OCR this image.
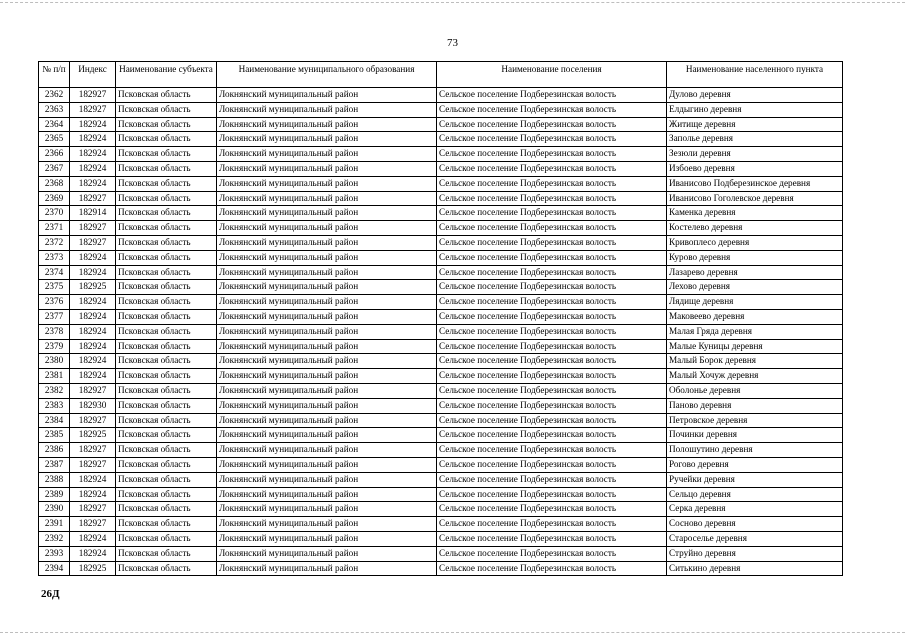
73
№ п/п	Индекс	Наименование субъекта	Наименование муниципального образования	Наименование поселения	Наименование населенного пункта
2362	182927	Псковская область	Локнянский муниципальный район	Сельское поселение Подберезинская волость	Дулово деревня
2363	182927	Псковская область	Локнянский муниципальный район	Сельское поселение Подберезинская волость	Елдыгино деревня
2364	182924	Псковская область	Локнянский муниципальный район	Сельское поселение Подберезинская волость	Житище деревня
2365	182924	Псковская область	Локнянский муниципальный район	Сельское поселение Подберезинская волость	Заполье деревня
2366	182924	Псковская область	Локнянский муниципальный район	Сельское поселение Подберезинская волость	Зезюли деревня
2367	182924	Псковская область	Локнянский муниципальный район	Сельское поселение Подберезинская волость	Избоево деревня
2368	182924	Псковская область	Локнянский муниципальный район	Сельское поселение Подберезинская волость	Иванисово Подберезинское деревня
2369	182927	Псковская область	Локнянский муниципальный район	Сельское поселение Подберезинская волость	Иванисово Гоголевское деревня
2370	182914	Псковская область	Локнянский муниципальный район	Сельское поселение Подберезинская волость	Каменка деревня
2371	182927	Псковская область	Локнянский муниципальный район	Сельское поселение Подберезинская волость	Костелево деревня
2372	182927	Псковская область	Локнянский муниципальный район	Сельское поселение Подберезинская волость	Кривоплесо деревня
2373	182924	Псковская область	Локнянский муниципальный район	Сельское поселение Подберезинская волость	Курово деревня
2374	182924	Псковская область	Локнянский муниципальный район	Сельское поселение Подберезинская волость	Лазарево деревня
2375	182925	Псковская область	Локнянский муниципальный район	Сельское поселение Подберезинская волость	Лехово деревня
2376	182924	Псковская область	Локнянский муниципальный район	Сельское поселение Подберезинская волость	Лядище деревня
2377	182924	Псковская область	Локнянский муниципальный район	Сельское поселение Подберезинская волость	Маковеево деревня
2378	182924	Псковская область	Локнянский муниципальный район	Сельское поселение Подберезинская волость	Малая Гряда деревня
2379	182924	Псковская область	Локнянский муниципальный район	Сельское поселение Подберезинская волость	Малые Куницы деревня
2380	182924	Псковская область	Локнянский муниципальный район	Сельское поселение Подберезинская волость	Малый Борок деревня
2381	182924	Псковская область	Локнянский муниципальный район	Сельское поселение Подберезинская волость	Малый Хочуж деревня
2382	182927	Псковская область	Локнянский муниципальный район	Сельское поселение Подберезинская волость	Оболонье деревня
2383	182930	Псковская область	Локнянский муниципальный район	Сельское поселение Подберезинская волость	Паново деревня
2384	182927	Псковская область	Локнянский муниципальный район	Сельское поселение Подберезинская волость	Петровское деревня
2385	182925	Псковская область	Локнянский муниципальный район	Сельское поселение Подберезинская волость	Починки деревня
2386	182927	Псковская область	Локнянский муниципальный район	Сельское поселение Подберезинская волость	Полошутино деревня
2387	182927	Псковская область	Локнянский муниципальный район	Сельское поселение Подберезинская волость	Рогово деревня
2388	182924	Псковская область	Локнянский муниципальный район	Сельское поселение Подберезинская волость	Ручейки деревня
2389	182924	Псковская область	Локнянский муниципальный район	Сельское поселение Подберезинская волость	Сельцо деревня
2390	182927	Псковская область	Локнянский муниципальный район	Сельское поселение Подберезинская волость	Серка деревня
2391	182927	Псковская область	Локнянский муниципальный район	Сельское поселение Подберезинская волость	Сосново деревня
2392	182924	Псковская область	Локнянский муниципальный район	Сельское поселение Подберезинская волость	Староселье деревня
2393	182924	Псковская область	Локнянский муниципальный район	Сельское поселение Подберезинская волость	Струйно деревня
2394	182925	Псковская область	Локнянский муниципальный район	Сельское поселение Подберезинская волость	Ситькино деревня
26Д
